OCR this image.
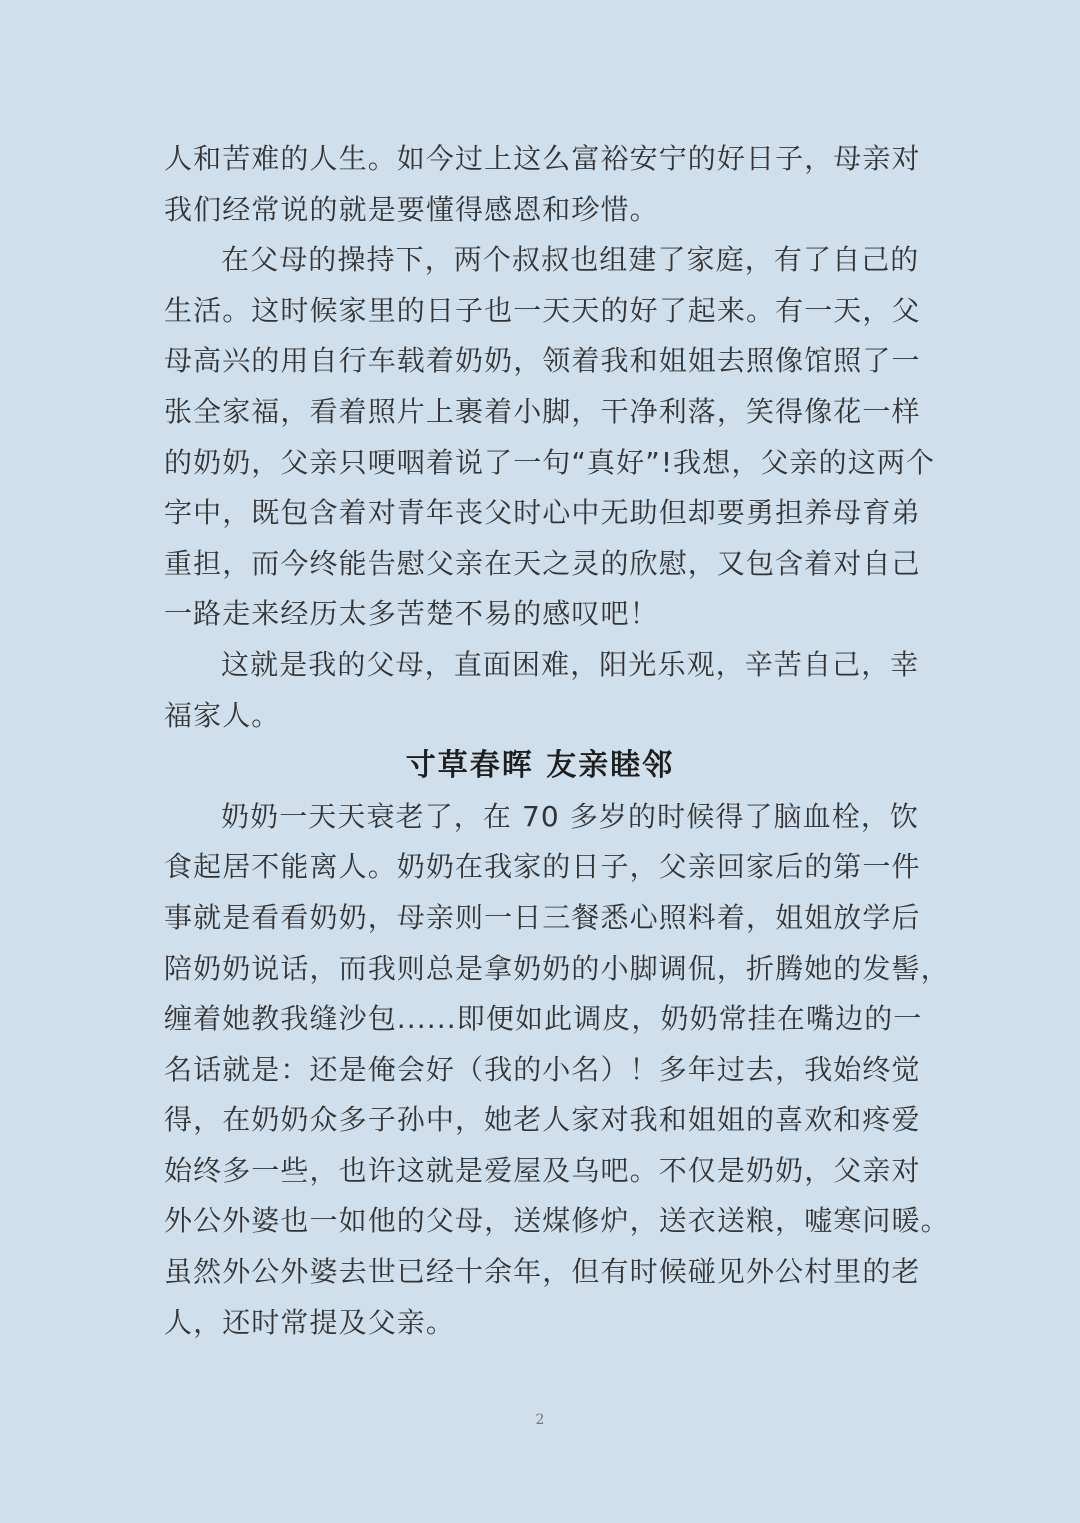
人和苦难的人生。如今过上这么富裕安宁的好日子，母亲对
我们经常说的就是要懂得感恩和珍惜。
在父母的操持下，两个叔叔也组建了家庭，有了自己的
生活。这时候家里的日子也一天天的好了起来。有一天，父
母高兴的用自行车载着奶奶，领着我和姐姐去照像馆照了一
张全家福，看着照片上裹着小脚，干净利落，笑得像花一样
的奶奶，父亲只哽咽着说了一句“真好”!我想，父亲的这两个
字中，既包含着对青年丧父时心中无助但却要勇担养母育弟
重担，而今终能告慰父亲在天之灵的欣慰，又包含着对自己
一路走来经历太多苦楚不易的感叹吧！
这就是我的父母，直面困难，阳光乐观，辛苦自己，幸
福家人。
寸草春晖 友亲睦邻
奶奶一天天衰老了，在 70 多岁的时候得了脑血栓，饮
食起居不能离人。奶奶在我家的日子，父亲回家后的第一件
事就是看看奶奶，母亲则一日三餐悉心照料着，姐姐放学后
陪奶奶说话，而我则总是拿奶奶的小脚调侃，折腾她的发髻，
缠着她教我缝沙包......即便如此调皮，奶奶常挂在嘴边的一
名话就是：还是俺会好（我的小名）！多年过去，我始终觉
得，在奶奶众多子孙中，她老人家对我和姐姐的喜欢和疼爱
始终多一些，也许这就是爱屋及乌吧。不仅是奶奶，父亲对
外公外婆也一如他的父母，送煤修炉，送衣送粮，嘘寒问暖。
虽然外公外婆去世已经十余年，但有时候碰见外公村里的老
人，还时常提及父亲。
2
